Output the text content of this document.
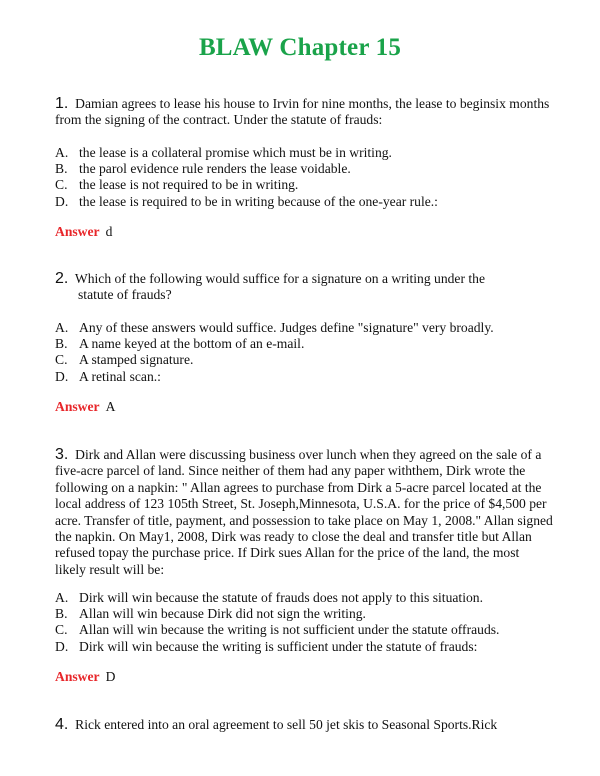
BLAW Chapter 15

1. Damian agrees to lease his house to Irvin for nine months, the lease to beginsix months

from the signing of the contract. Under the statute of frauds:

A. the lease is a collateral promise which must be in writing.
B. the parol evidence rule renders the lease voidable.
C. the lease is not required to be in writing.
D. the lease is required to be in writing because of the one-year rule.:
Answer d

2. Which of the following would suffice for a signature on a writing under the

statute of frauds?

A. Any of these answers would suffice. Judges define "signature" very broadly.
B. A name keyed at the bottom of an e-mail.
C. A stamped signature.
D. A retinal scan.:
Answer A

3. Dirk and Allan were discussing business over lunch when they agreed on the sale of a

five-acre parcel of land. Since neither of them had any paper withthem, Dirk wrote the

following on a napkin: " Allan agrees to purchase from Dirk a 5-acre parcel located at the

local address of 123 105th Street, St. Joseph,Minnesota, U.S.A. for the price of $4,500 per

acre. Transfer of title, payment, and possession to take place on May 1, 2008." Allan signed

the napkin. On May1, 2008, Dirk was ready to close the deal and transfer title but Allan

refused topay the purchase price. If Dirk sues Allan for the price of the land, the most

likely result will be:

A. Dirk will win because the statute of frauds does not apply to this situation.
B. Allan will win because Dirk did not sign the writing.
C. Allan will win because the writing is not sufficient under the statute offrauds.
D. Dirk will win because the writing is sufficient under the statute of frauds:
Answer D

4. Rick entered into an oral agreement to sell 50 jet skis to Seasonal Sports.Rick
